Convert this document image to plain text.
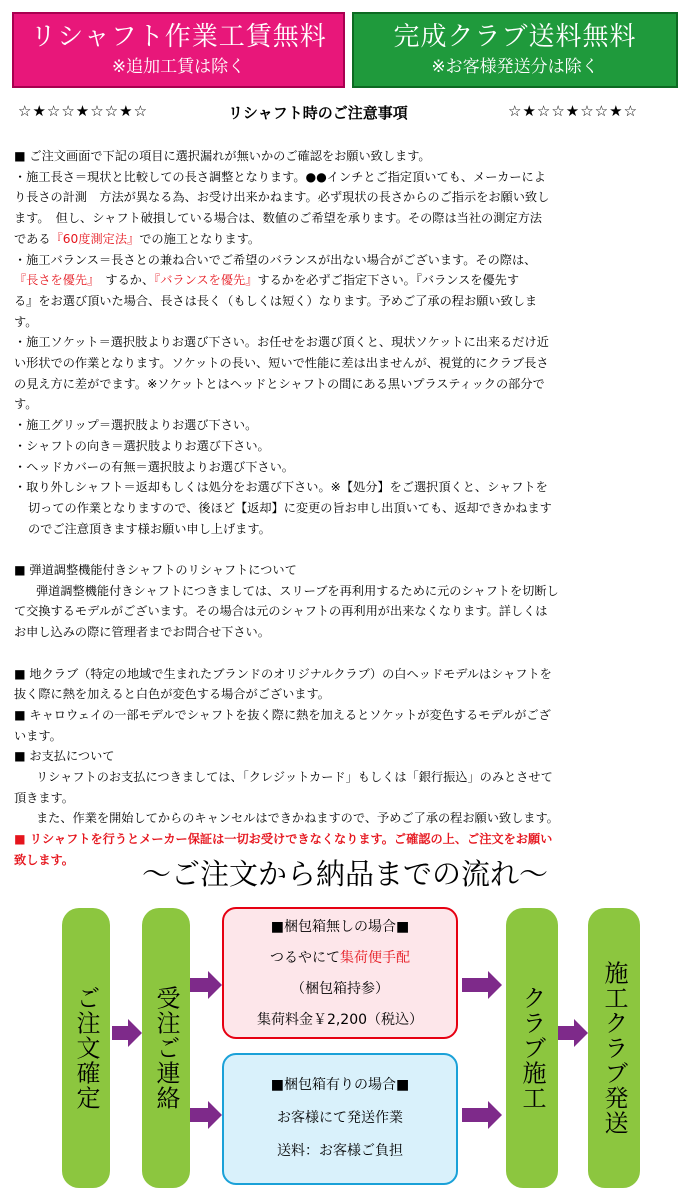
リシャフト作業工賃無料
※追加工賃は除く
完成クラブ送料無料
※お客様発送分は除く
☆★☆☆★☆☆★☆	リシャフト時のご注意事項	☆★☆☆★☆☆★☆

■ ご注文画面で下記の項目に選択漏れが無いかのご確認をお願い致します。

・施工長さ＝現状と比較しての長さ調整となります。●●インチとご指定頂いても、メーカーによ

り長さの計測　方法が異なる為、お受け出来かねます。必ず現状の長さからのご指示をお願い致し

ます。　但し、シャフト破損している場合は、数値のご希望を承ります。その際は当社の測定方法

である『60度測定法』での施工となります。

・施工バランス＝長さとの兼ね合いでご希望のバランスが出ない場合がございます。その際は、

『長さを優先』　するか、『バランスを優先』するかを必ずご指定下さい。『バランスを優先す

る』をお選び頂いた場合、長さは長く（もしくは短く）なります。予めご了承の程お願い致しま

す。

・施工ソケット＝選択肢よりお選び下さい。お任せをお選び頂くと、現状ソケットに出来るだけ近

い形状での作業となります。ソケットの長い、短いで性能に差は出ませんが、視覚的にクラブ長さ

の見え方に差がでます。※ソケットとはヘッドとシャフトの間にある黒いプラスティックの部分で

す。

・施工グリップ＝選択肢よりお選び下さい。

・シャフトの向き＝選択肢よりお選び下さい。

・ヘッドカバーの有無＝選択肢よりお選び下さい。

・取り外しシャフト＝返却もしくは処分をお選び下さい。※【処分】をご選択頂くと、シャフトを

切っての作業となりますので、後ほど【返却】に変更の旨お申し出頂いても、返却できかねます

のでご注意頂きます様お願い申し上げます。

■ 弾道調整機能付きシャフトのリシャフトについて

弾道調整機能付きシャフトにつきましては、スリーブを再利用するために元のシャフトを切断し

て交換するモデルがございます。その場合は元のシャフトの再利用が出来なくなります。詳しくは

お申し込みの際に管理者までお問合せ下さい。

■ 地クラブ（特定の地域で生まれたブランドのオリジナルクラブ）の白ヘッドモデルはシャフトを

抜く際に熱を加えると白色が変色する場合がございます。

■ キャロウェイの一部モデルでシャフトを抜く際に熱を加えるとソケットが変色するモデルがござ

います。

■ お支払について

リシャフトのお支払につきましては、「クレジットカード」もしくは「銀行振込」のみとさせて

頂きます。

また、作業を開始してからのキャンセルはできかねますので、予めご了承の程お願い致します。

■ リシャフトを行うとメーカー保証は一切お受けできなくなります。ご確認の上、ご注文をお願い

致します。	～ご注文から納品までの流れ～
ご注文確定 受注ご連絡	クラブ施工 施工クラブ発送
■梱包箱無しの場合■
つるやにて集荷便手配
（梱包箱持参）
集荷料金￥2,200（税込）
■梱包箱有りの場合■
お客様にて発送作業
送料：お客様ご負担
